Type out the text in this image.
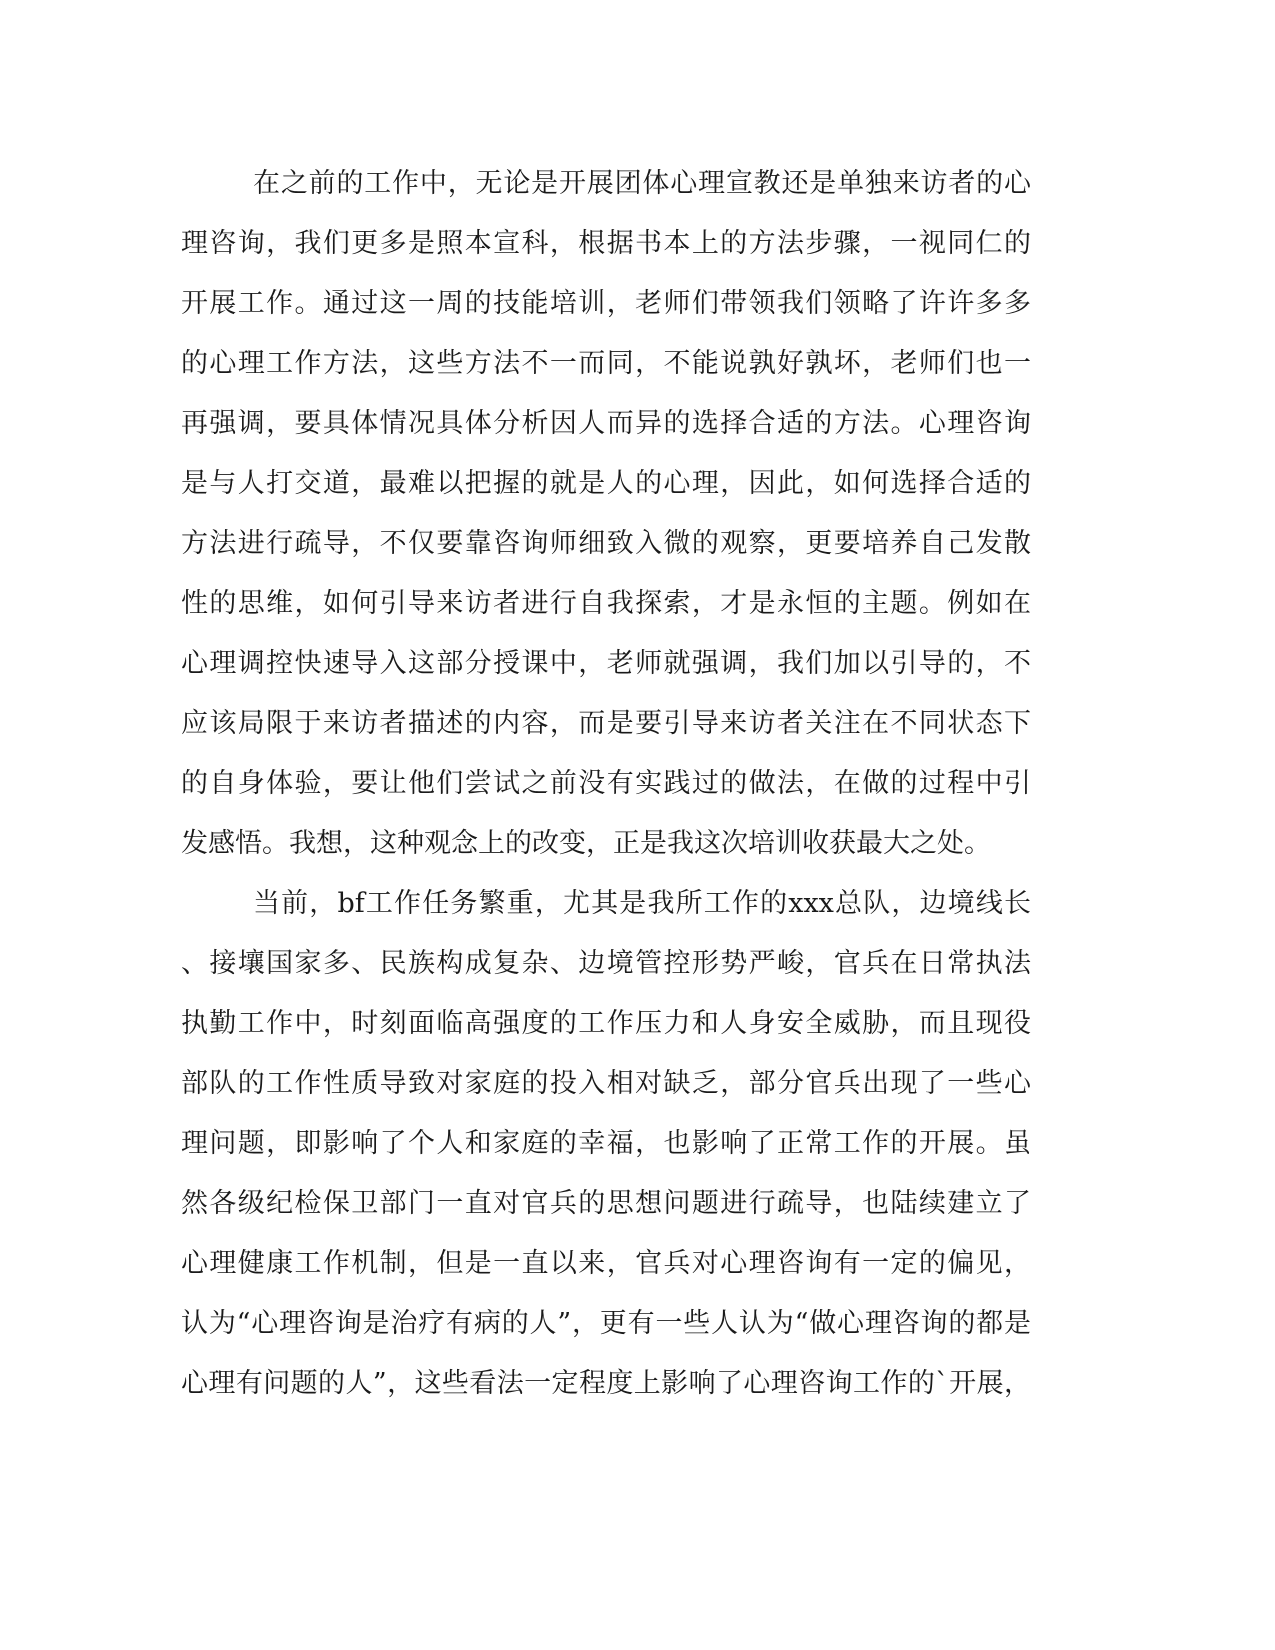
在之前的工作中，无论是开展团体心理宣教还是单独来访者的心
理咨询，我们更多是照本宣科，根据书本上的方法步骤，一视同仁的
开展工作。通过这一周的技能培训，老师们带领我们领略了许许多多
的心理工作方法，这些方法不一而同，不能说孰好孰坏，老师们也一
再强调，要具体情况具体分析因人而异的选择合适的方法。心理咨询
是与人打交道，最难以把握的就是人的心理，因此，如何选择合适的
方法进行疏导，不仅要靠咨询师细致入微的观察，更要培养自己发散
性的思维，如何引导来访者进行自我探索，才是永恒的主题。例如在
心理调控快速导入这部分授课中，老师就强调，我们加以引导的，不
应该局限于来访者描述的内容，而是要引导来访者关注在不同状态下
的自身体验，要让他们尝试之前没有实践过的做法，在做的过程中引
发感悟。我想，这种观念上的改变，正是我这次培训收获最大之处。
当前，bf工作任务繁重，尤其是我所工作的xxx总队，边境线长
、接壤国家多、民族构成复杂、边境管控形势严峻，官兵在日常执法
执勤工作中，时刻面临高强度的工作压力和人身安全威胁，而且现役
部队的工作性质导致对家庭的投入相对缺乏，部分官兵出现了一些心
理问题，即影响了个人和家庭的幸福，也影响了正常工作的开展。虽
然各级纪检保卫部门一直对官兵的思想问题进行疏导，也陆续建立了
心理健康工作机制，但是一直以来，官兵对心理咨询有一定的偏见，
认为“心理咨询是治疗有病的人”，更有一些人认为“做心理咨询的都是
心理有问题的人”，这些看法一定程度上影响了心理咨询工作的`开展，
